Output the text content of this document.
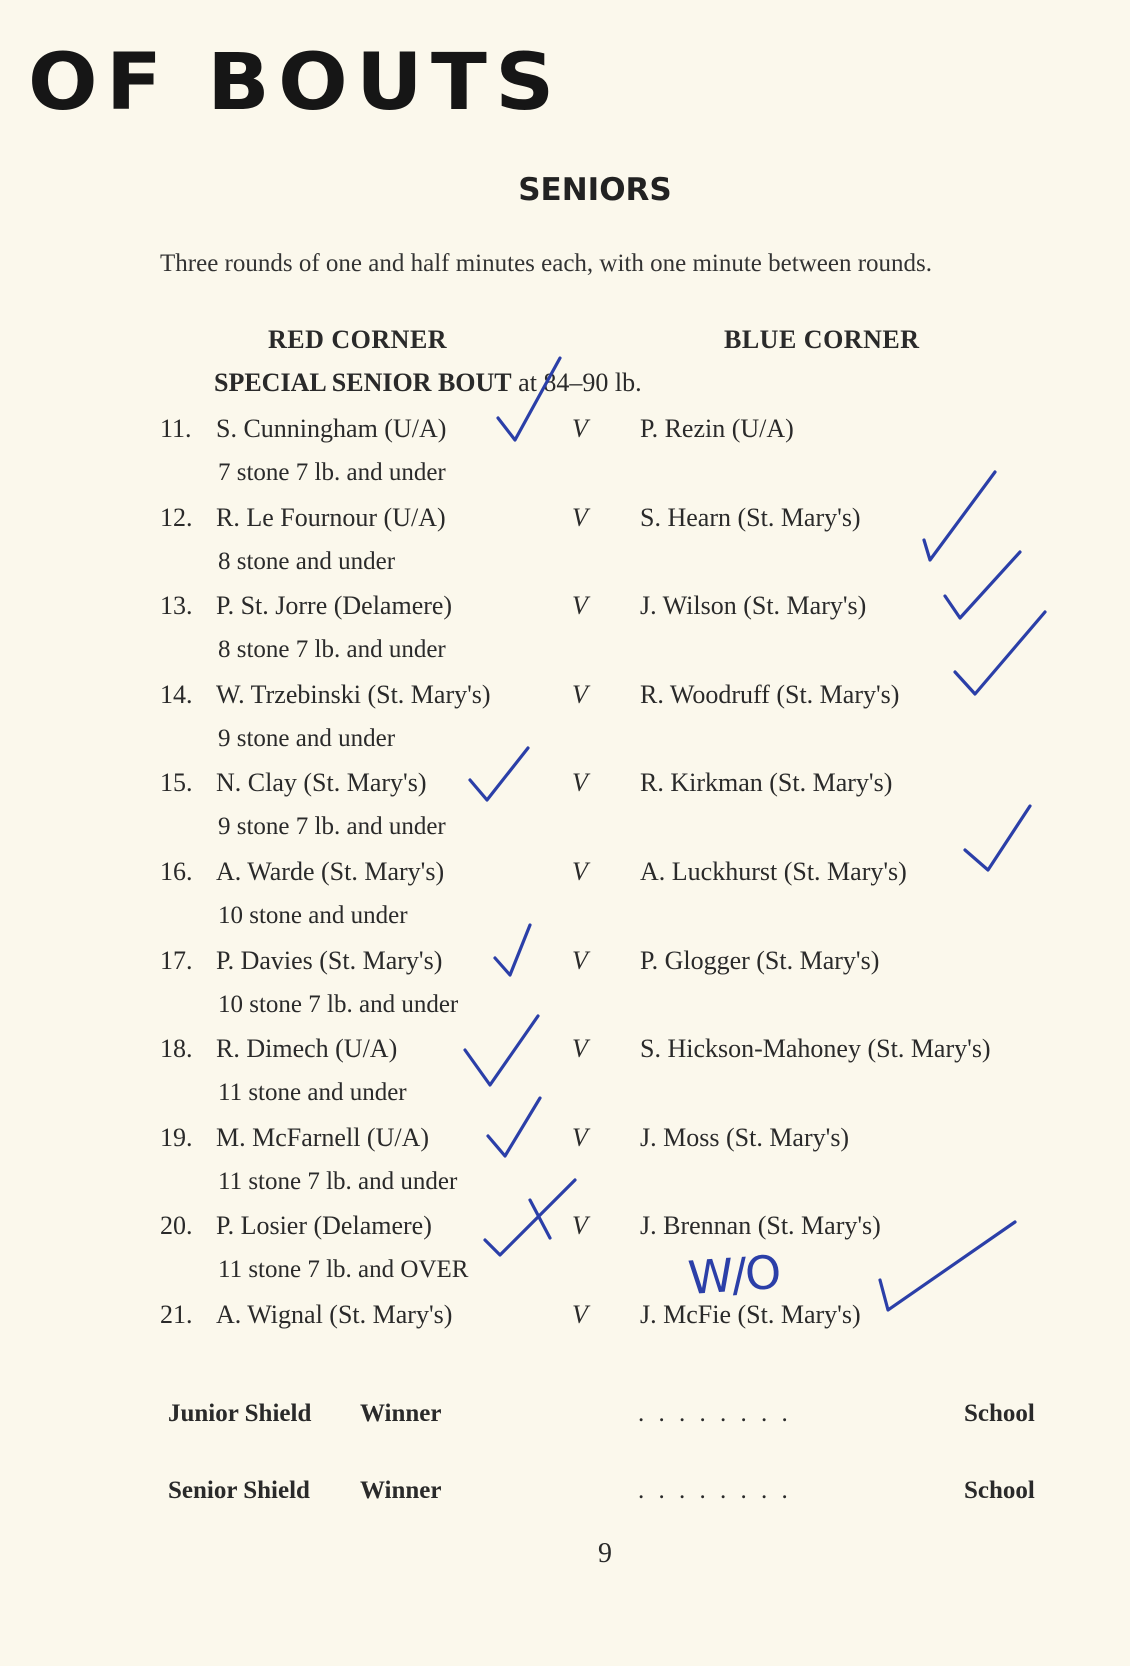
OF BOUTS
SENIORS
Three rounds of one and half minutes each, with one minute between rounds.
RED CORNER	BLUE CORNER
SPECIAL SENIOR BOUT at 84–90 lb.
11. S. Cunningham (U/A)	V P. Rezin (U/A)
7 stone 7 lb. and under
12. R. Le Fournour (U/A)	V S. Hearn (St. Mary's)
8 stone and under
13. P. St. Jorre (Delamere)	V J. Wilson (St. Mary's)
8 stone 7 lb. and under
14. W. Trzebinski (St. Mary's)	V R. Woodruff (St. Mary's)
9 stone and under
15. N. Clay (St. Mary's)	V R. Kirkman (St. Mary's)
9 stone 7 lb. and under
16. A. Warde (St. Mary's)	V A. Luckhurst (St. Mary's)
10 stone and under
17. P. Davies (St. Mary's)	V P. Glogger (St. Mary's)
10 stone 7 lb. and under
18. R. Dimech (U/A)	V S. Hickson-Mahoney (St. Mary's)
11 stone and under
19. M. McFarnell (U/A)	V J. Moss (St. Mary's)
11 stone 7 lb. and under
20. P. Losier (Delamere)	V J. Brennan (St. Mary's)
11 stone 7 lb. and OVER
21. A. Wignal (St. Mary's)	V J. McFie (St. Mary's)
Junior Shield Winner	. . . . . . . .	School
Senior Shield Winner	. . . . . . . .	School
9
W/O
